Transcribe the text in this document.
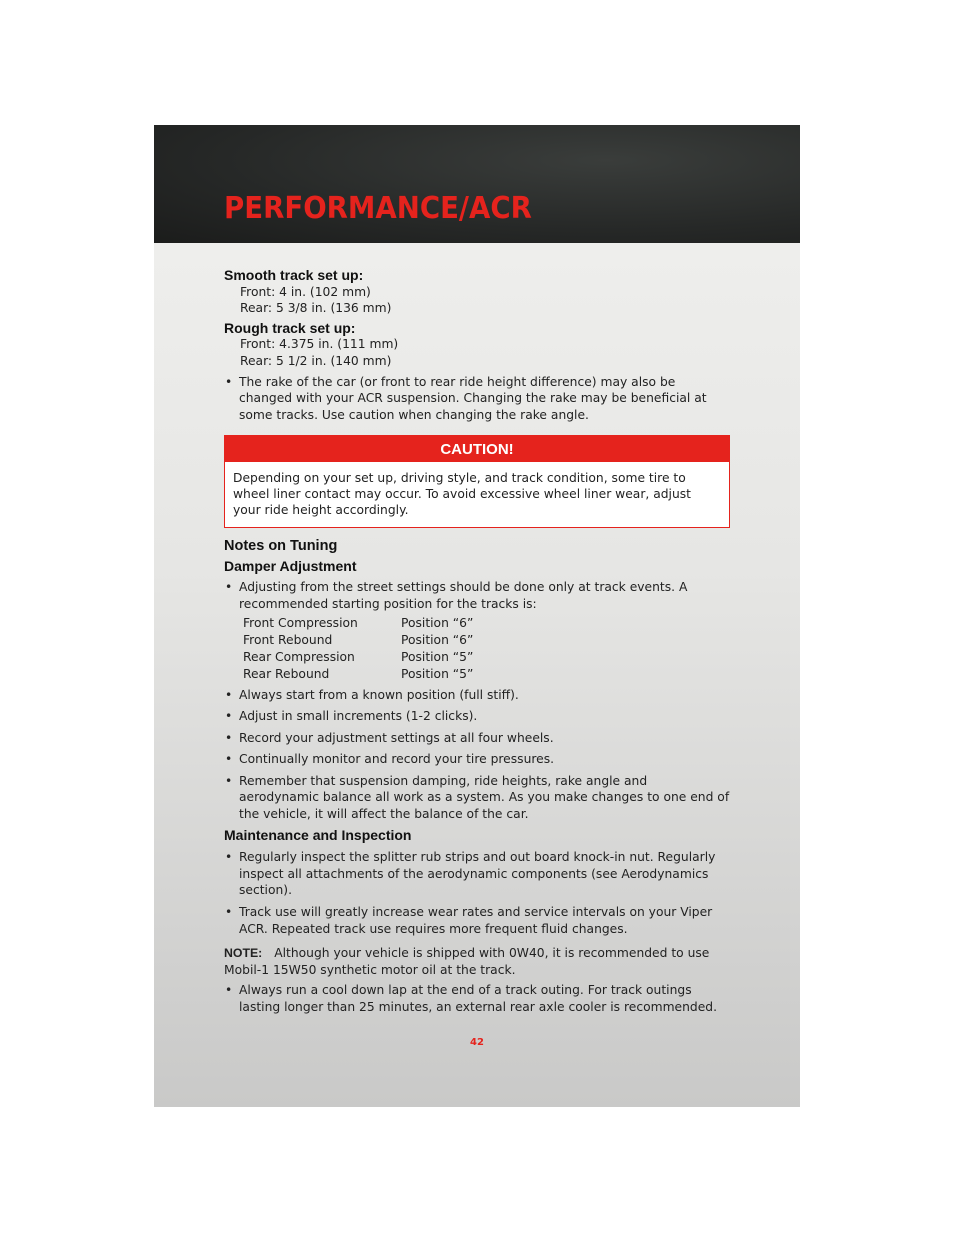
PERFORMANCE/ACR
Smooth track set up:
Front: 4 in. (102 mm)
Rear: 5 3/8 in. (136 mm)
Rough track set up:
Front: 4.375 in. (111 mm)
Rear: 5 1/2 in. (140 mm)
• The rake of the car (or front to rear ride height difference) may also be changed with your ACR suspension. Changing the rake may be beneficial at some tracks. Use caution when changing the rake angle.
CAUTION!
Depending on your set up, driving style, and track condition, some tire to wheel liner contact may occur. To avoid excessive wheel liner wear, adjust your ride height accordingly.
Notes on Tuning
Damper Adjustment
• Adjusting from the street settings should be done only at track events. A recommended starting position for the tracks is:
Front Compression	Position “6”
Front Rebound	Position “6”
Rear Compression	Position “5”
Rear Rebound	Position “5”
• Always start from a known position (full stiff).
• Adjust in small increments (1-2 clicks).
• Record your adjustment settings at all four wheels.
• Continually monitor and record your tire pressures.
• Remember that suspension damping, ride heights, rake angle and aerodynamic balance all work as a system. As you make changes to one end of the vehicle, it will affect the balance of the car.
Maintenance and Inspection
• Regularly inspect the splitter rub strips and out board knock-in nut. Regularly inspect all attachments of the aerodynamic components (see Aerodynamics section).
• Track use will greatly increase wear rates and service intervals on your Viper ACR. Repeated track use requires more frequent fluid changes.
NOTE: Although your vehicle is shipped with 0W40, it is recommended to use Mobil-1 15W50 synthetic motor oil at the track.
• Always run a cool down lap at the end of a track outing. For track outings lasting longer than 25 minutes, an external rear axle cooler is recommended.
42
